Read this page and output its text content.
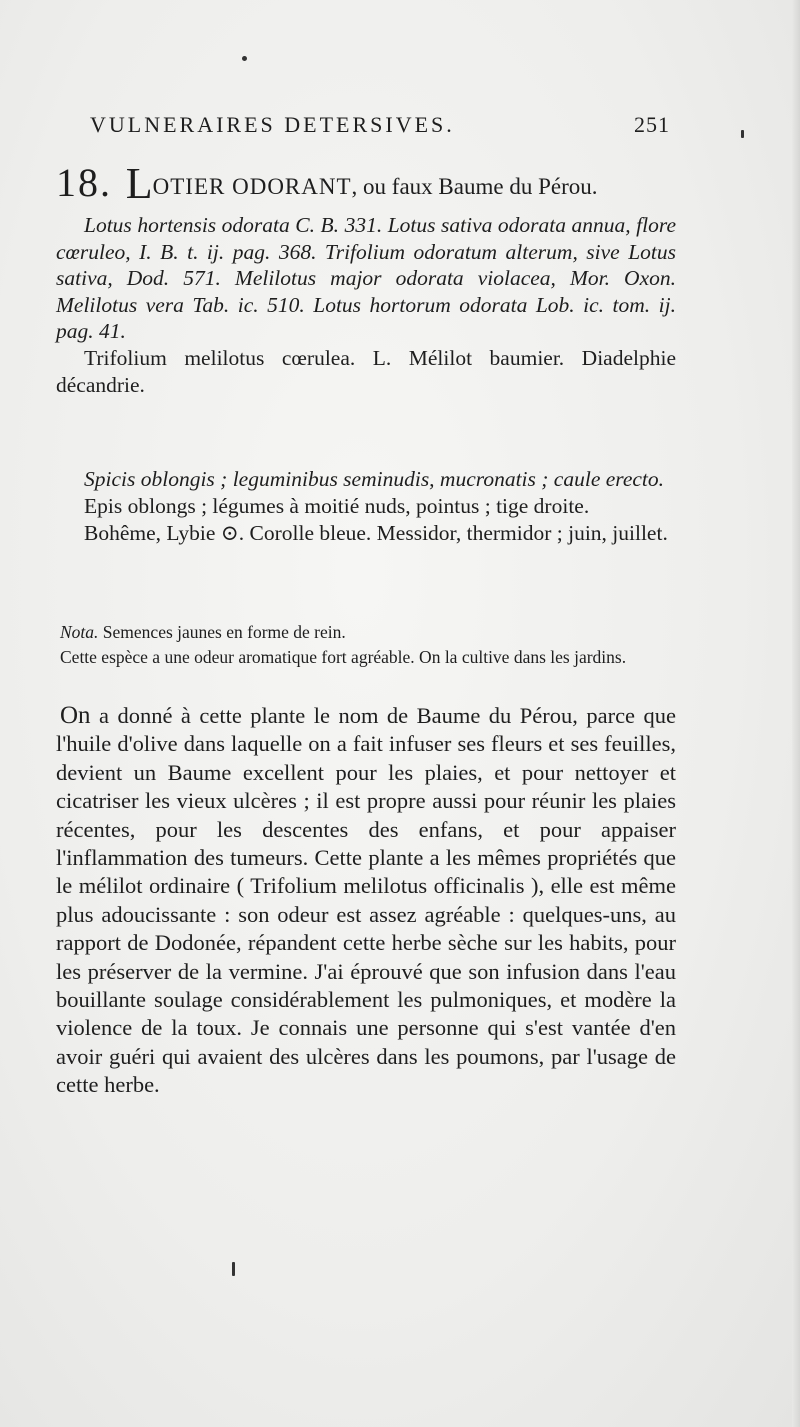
VULNERAIRES DETERSIVES.	251
18. LOTIER ODORANT, ou faux Baume du Pérou.

Lotus hortensis odorata C. B. 331. Lotus sativa odorata annua, flore cœruleo, I. B. t. ij. pag. 368. Trifolium odoratum alterum, sive Lotus sativa, Dod. 571. Melilotus major odorata violacea, Mor. Oxon. Melilotus vera Tab. ic. 510. Lotus hortorum odorata Lob. ic. tom. ij. pag. 41.

Trifolium melilotus cœrulea. L. Mélilot baumier. Diadelphie décandrie.

Spicis oblongis ; leguminibus seminudis, mucronatis ; caule erecto.

Epis oblongs ; légumes à moitié nuds, pointus ; tige droite.

Bohême, Lybie ⊙. Corolle bleue. Messidor, thermidor ; juin, juillet.

Nota. Semences jaunes en forme de rein.

Cette espèce a une odeur aromatique fort agréable. On la cultive dans les jardins.

On a donné à cette plante le nom de Baume du Pérou, parce que l'huile d'olive dans laquelle on a fait infuser ses fleurs et ses feuilles, devient un Baume excellent pour les plaies, et pour nettoyer et cicatriser les vieux ulcères ; il est propre aussi pour réunir les plaies récentes, pour les descentes des enfans, et pour appaiser l'inflammation des tumeurs. Cette plante a les mêmes propriétés que le mélilot ordinaire ( Trifolium melilotus officinalis ), elle est même plus adoucissante : son odeur est assez agréable : quelques-uns, au rapport de Dodonée, répandent cette herbe sèche sur les habits, pour les préserver de la vermine. J'ai éprouvé que son infusion dans l'eau bouillante soulage considérablement les pulmoniques, et modère la violence de la toux. Je connais une personne qui s'est vantée d'en avoir guéri qui avaient des ulcères dans les poumons, par l'usage de cette herbe.
